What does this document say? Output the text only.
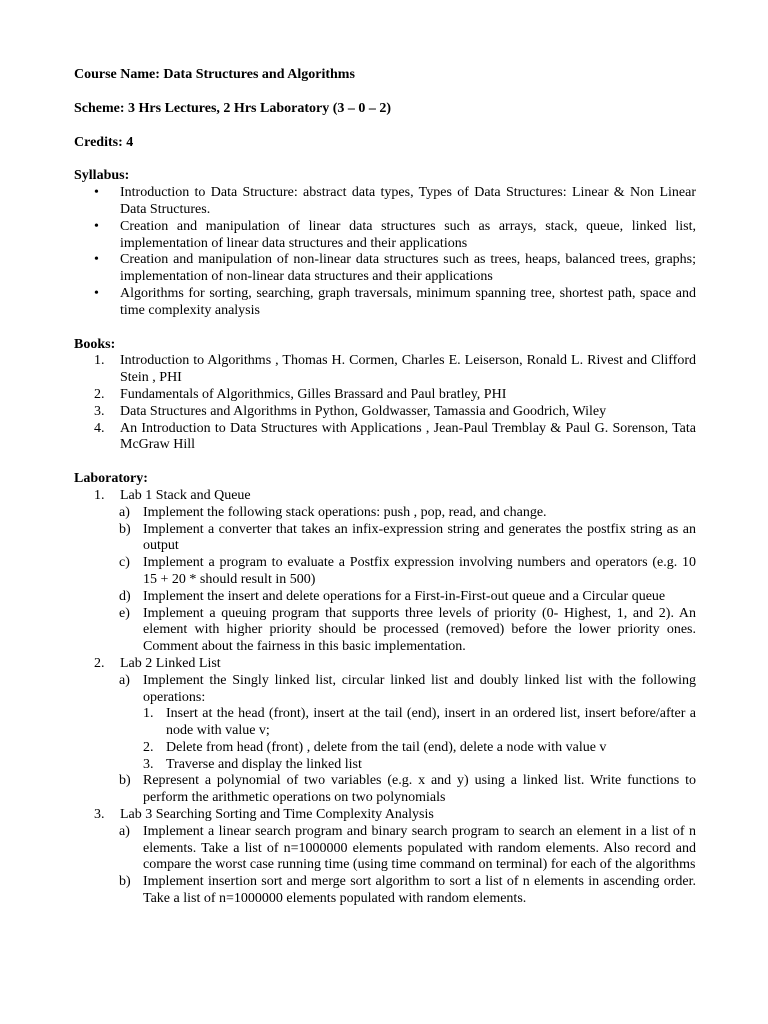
Course Name: Data Structures and Algorithms

Scheme: 3 Hrs Lectures, 2 Hrs Laboratory (3 – 0 – 2)

Credits: 4

Syllabus:

•	Introduction to Data Structure: abstract data types, Types of Data Structures: Linear & Non Linear Data Structures.
•	Creation and manipulation of linear data structures such as arrays, stack, queue, linked list, implementation of linear data structures and their applications
•	Creation and manipulation of non-linear data structures such as trees, heaps, balanced trees, graphs; implementation of non-linear data structures and their applications
•	Algorithms for sorting, searching, graph traversals, minimum spanning tree, shortest path, space and time complexity analysis

Books:

1.	Introduction to Algorithms , Thomas H. Cormen, Charles E. Leiserson, Ronald L. Rivest and Clifford Stein , PHI
2.	Fundamentals of Algorithmics, Gilles Brassard and Paul bratley, PHI
3.	Data Structures and Algorithms in Python, Goldwasser, Tamassia and Goodrich, Wiley
4.	An Introduction to Data Structures with Applications , Jean-Paul Tremblay & Paul G. Sorenson, Tata McGraw Hill

Laboratory:

1.	Lab 1 Stack and Queue
a) Implement the following stack operations: push , pop, read, and change.
b) Implement a converter that takes an infix-expression string and generates the postfix string as an output
c) Implement a program to evaluate a Postfix expression involving numbers and operators (e.g. 10 15 + 20 * should result in 500)
d) Implement the insert and delete operations for a First-in-First-out queue and a Circular queue
e) Implement a queuing program that supports three levels of priority (0- Highest, 1, and 2). An element with higher priority should be processed (removed) before the lower priority ones. Comment about the fairness in this basic implementation.
2.	Lab 2 Linked List
a) Implement the Singly linked list, circular linked list and doubly linked list with the following operations:
1. Insert at the head (front), insert at the tail (end), insert in an ordered list, insert before/after a node with value v;
2. Delete from head (front) , delete from the tail (end), delete a node with value v
3. Traverse and display the linked list
b) Represent a polynomial of two variables (e.g. x and y) using a linked list. Write functions to perform the arithmetic operations on two polynomials
3.	Lab 3 Searching Sorting and Time Complexity Analysis
a) Implement a linear search program and binary search program to search an element in a list of n elements. Take a list of n=1000000 elements populated with random elements. Also record and compare the worst case running time (using time command on terminal) for each of the algorithms
b) Implement insertion sort and merge sort algorithm to sort a list of n elements in ascending order. Take a list of n=1000000 elements populated with random elements.
